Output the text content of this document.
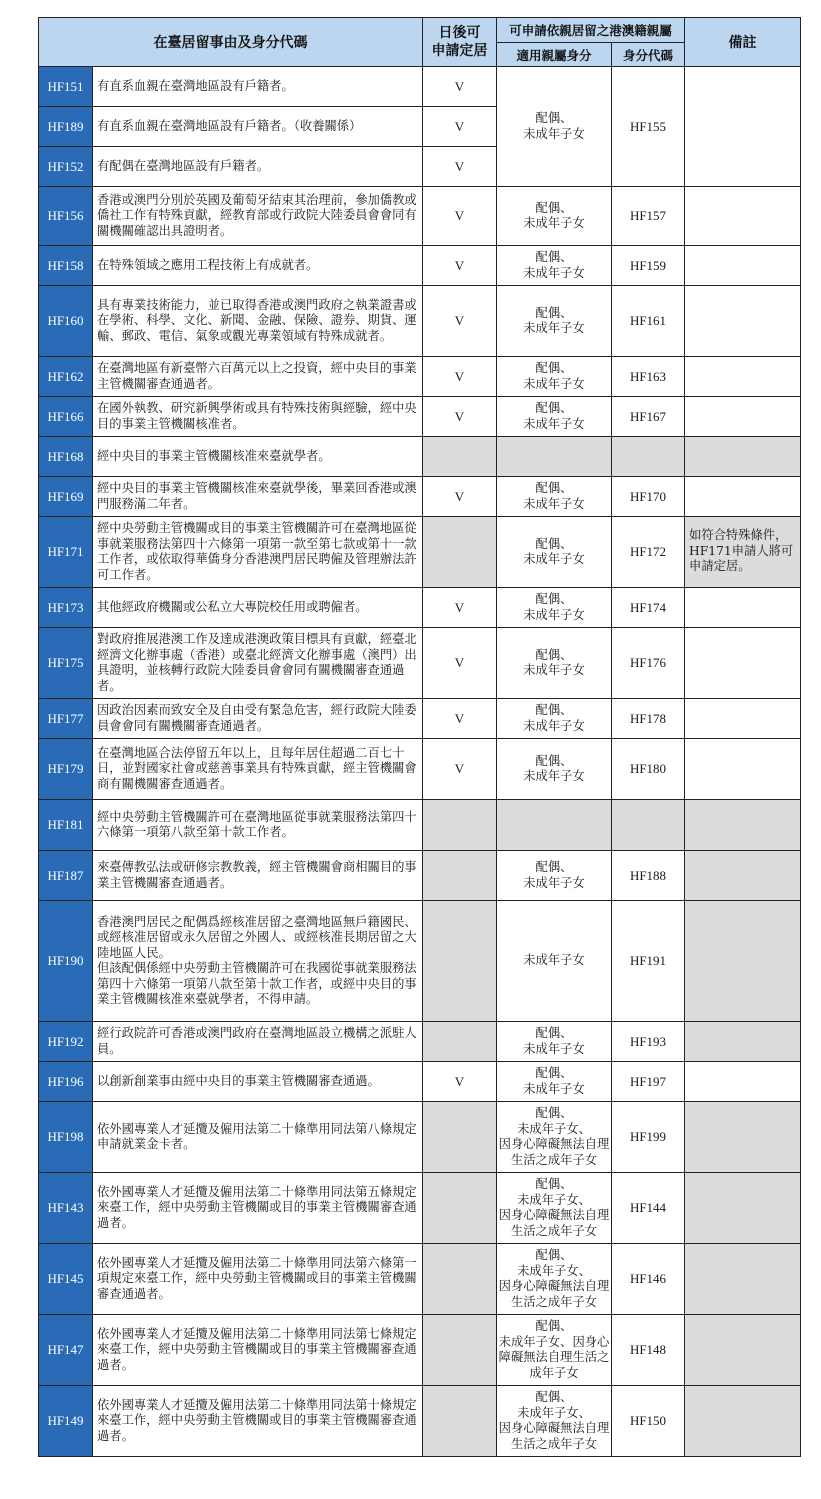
在臺居留事由及身分代碼		日後可
申請定居	可申請依親居留之港澳籍親屬		備註
			適用親屬身分	身分代碼	
HF151	有直系血親在臺灣地區設有戶籍者。	V	配偶、
未成年子女	HF155	
HF189	有直系血親在臺灣地區設有戶籍者。（收養關係）	V			
HF152	有配偶在臺灣地區設有戶籍者。	V			
HF156	香港或澳門分別於英國及葡萄牙結束其治理前，參加僑教或僑社工作有特殊貢獻，經教育部或行政院大陸委員會會同有關機關確認出具證明者。	V	配偶、
未成年子女	HF157	
HF158	在特殊領域之應用工程技術上有成就者。	V	配偶、
未成年子女	HF159	
HF160	具有專業技術能力，並已取得香港或澳門政府之執業證書或在學術、科學、文化、新聞、金融、保險、證券、期貨、運輸、郵政、電信、氣象或觀光專業領域有特殊成就者。	V	配偶、
未成年子女	HF161	
HF162	在臺灣地區有新臺幣六百萬元以上之投資，經中央目的事業主管機關審查通過者。	V	配偶、
未成年子女	HF163	
HF166	在國外執教、研究新興學術或具有特殊技術與經驗，經中央目的事業主管機關核准者。	V	配偶、
未成年子女	HF167	
HF168	經中央目的事業主管機關核准來臺就學者。				
HF169	經中央目的事業主管機關核准來臺就學後，畢業回香港或澳門服務滿二年者。	V	配偶、
未成年子女	HF170	
HF171	經中央勞動主管機關或目的事業主管機關許可在臺灣地區從事就業服務法第四十六條第一項第一款至第七款或第十一款工作者，或依取得華僑身分香港澳門居民聘僱及管理辦法許可工作者。		配偶、
未成年子女	HF172	如符合特殊條件，HF171申請人將可申請定居。
HF173	其他經政府機關或公私立大專院校任用或聘僱者。	V	配偶、
未成年子女	HF174	
HF175	對政府推展港澳工作及達成港澳政策目標具有貢獻，經臺北經濟文化辦事處（香港）或臺北經濟文化辦事處（澳門）出具證明，並核轉行政院大陸委員會會同有關機關審查通過者。	V	配偶、
未成年子女	HF176	
HF177	因政治因素而致安全及自由受有緊急危害，經行政院大陸委員會會同有關機關審查通過者。	V	配偶、
未成年子女	HF178	
HF179	在臺灣地區合法停留五年以上，且每年居住超過二百七十日，並對國家社會或慈善事業具有特殊貢獻，經主管機關會商有關機關審查通過者。	V	配偶、
未成年子女	HF180	
HF181	經中央勞動主管機關許可在臺灣地區從事就業服務法第四十六條第一項第八款至第十款工作者。				
HF187	來臺傳教弘法或研修宗教教義，經主管機關會商相關目的事業主管機關審查通過者。		配偶、
未成年子女	HF188	
HF190	香港澳門居民之配偶爲經核准居留之臺灣地區無戶籍國民、或經核准居留或永久居留之外國人、或經核准長期居留之大陸地區人民。
但該配偶係經中央勞動主管機關許可在我國從事就業服務法第四十六條第一項第八款至第十款工作者，或經中央目的事業主管機關核准來臺就學者，不得申請。		未成年子女	HF191	
HF192	經行政院許可香港或澳門政府在臺灣地區設立機構之派駐人員。		配偶、
未成年子女	HF193	
HF196	以創新創業事由經中央目的事業主管機關審查通過。	V	配偶、
未成年子女	HF197	
HF198	依外國專業人才延攬及僱用法第二十條準用同法第八條規定申請就業金卡者。		配偶、
未成年子女、
因身心障礙無法自理生活之成年子女	HF199	
HF143	依外國專業人才延攬及僱用法第二十條準用同法第五條規定來臺工作，經中央勞動主管機關或目的事業主管機關審查通過者。		配偶、
未成年子女、
因身心障礙無法自理生活之成年子女	HF144	
HF145	依外國專業人才延攬及僱用法第二十條準用同法第六條第一項規定來臺工作，經中央勞動主管機關或目的事業主管機關審查通過者。		配偶、
未成年子女、
因身心障礙無法自理生活之成年子女	HF146	
HF147	依外國專業人才延攬及僱用法第二十條準用同法第七條規定來臺工作，經中央勞動主管機關或目的事業主管機關審查通過者。		配偶、
未成年子女、因身心障礙無法自理生活之成年子女	HF148	
HF149	依外國專業人才延攬及僱用法第二十條準用同法第十條規定來臺工作，經中央勞動主管機關或目的事業主管機關審查通過者。		配偶、
未成年子女、
因身心障礙無法自理生活之成年子女	HF150	
